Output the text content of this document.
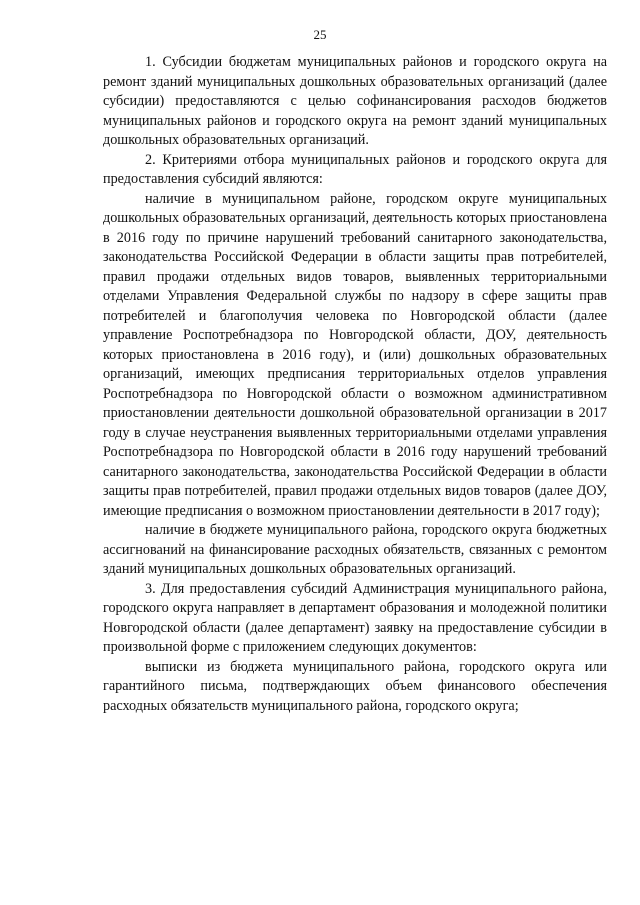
25

1. Субсидии бюджетам муниципальных районов и городского округа на ремонт зданий муниципальных дошкольных образовательных организаций (далее субсидии) предоставляются с целью софинансирования расходов бюджетов муниципальных районов и городского округа на ремонт зданий муниципальных дошкольных образовательных организаций.

2. Критериями отбора муниципальных районов и городского округа для предоставления субсидий являются:

наличие в муниципальном районе, городском округе муниципальных дошкольных образовательных организаций, деятельность которых приостановлена в 2016 году по причине нарушений требований санитарного законодательства, законодательства Российской Федерации в области защиты прав потребителей, правил продажи отдельных видов товаров, выявленных территориальными отделами Управления Федеральной службы по надзору в сфере защиты прав потребителей и благополучия человека по Новгородской области (далее управление Роспотребнадзора по Новгородской области, ДОУ, деятельность которых приостановлена в 2016 году), и (или) дошкольных образовательных организаций, имеющих предписания территориальных отделов управления Роспотребнадзора по Новгородской области о возможном административном приостановлении деятельности дошкольной образовательной организации в 2017 году в случае неустранения выявленных территориальными отделами управления Роспотребнадзора по Новгородской области в 2016 году нарушений требований санитарного законодательства, законодательства Российской Федерации в области защиты прав потребителей, правил продажи отдельных видов товаров (далее ДОУ, имеющие предписания о возможном приостановлении деятельности в 2017 году);

наличие в бюджете муниципального района, городского округа бюджетных ассигнований на финансирование расходных обязательств, связанных с ремонтом зданий муниципальных дошкольных образовательных организаций.

3. Для предоставления субсидий Администрация муниципального района, городского округа направляет в департамент образования и молодежной политики Новгородской области (далее департамент) заявку на предоставление субсидии в произвольной форме с приложением следующих документов:

выписки из бюджета муниципального района, городского округа или гарантийного письма, подтверждающих объем финансового обеспечения расходных обязательств муниципального района, городского округа;
